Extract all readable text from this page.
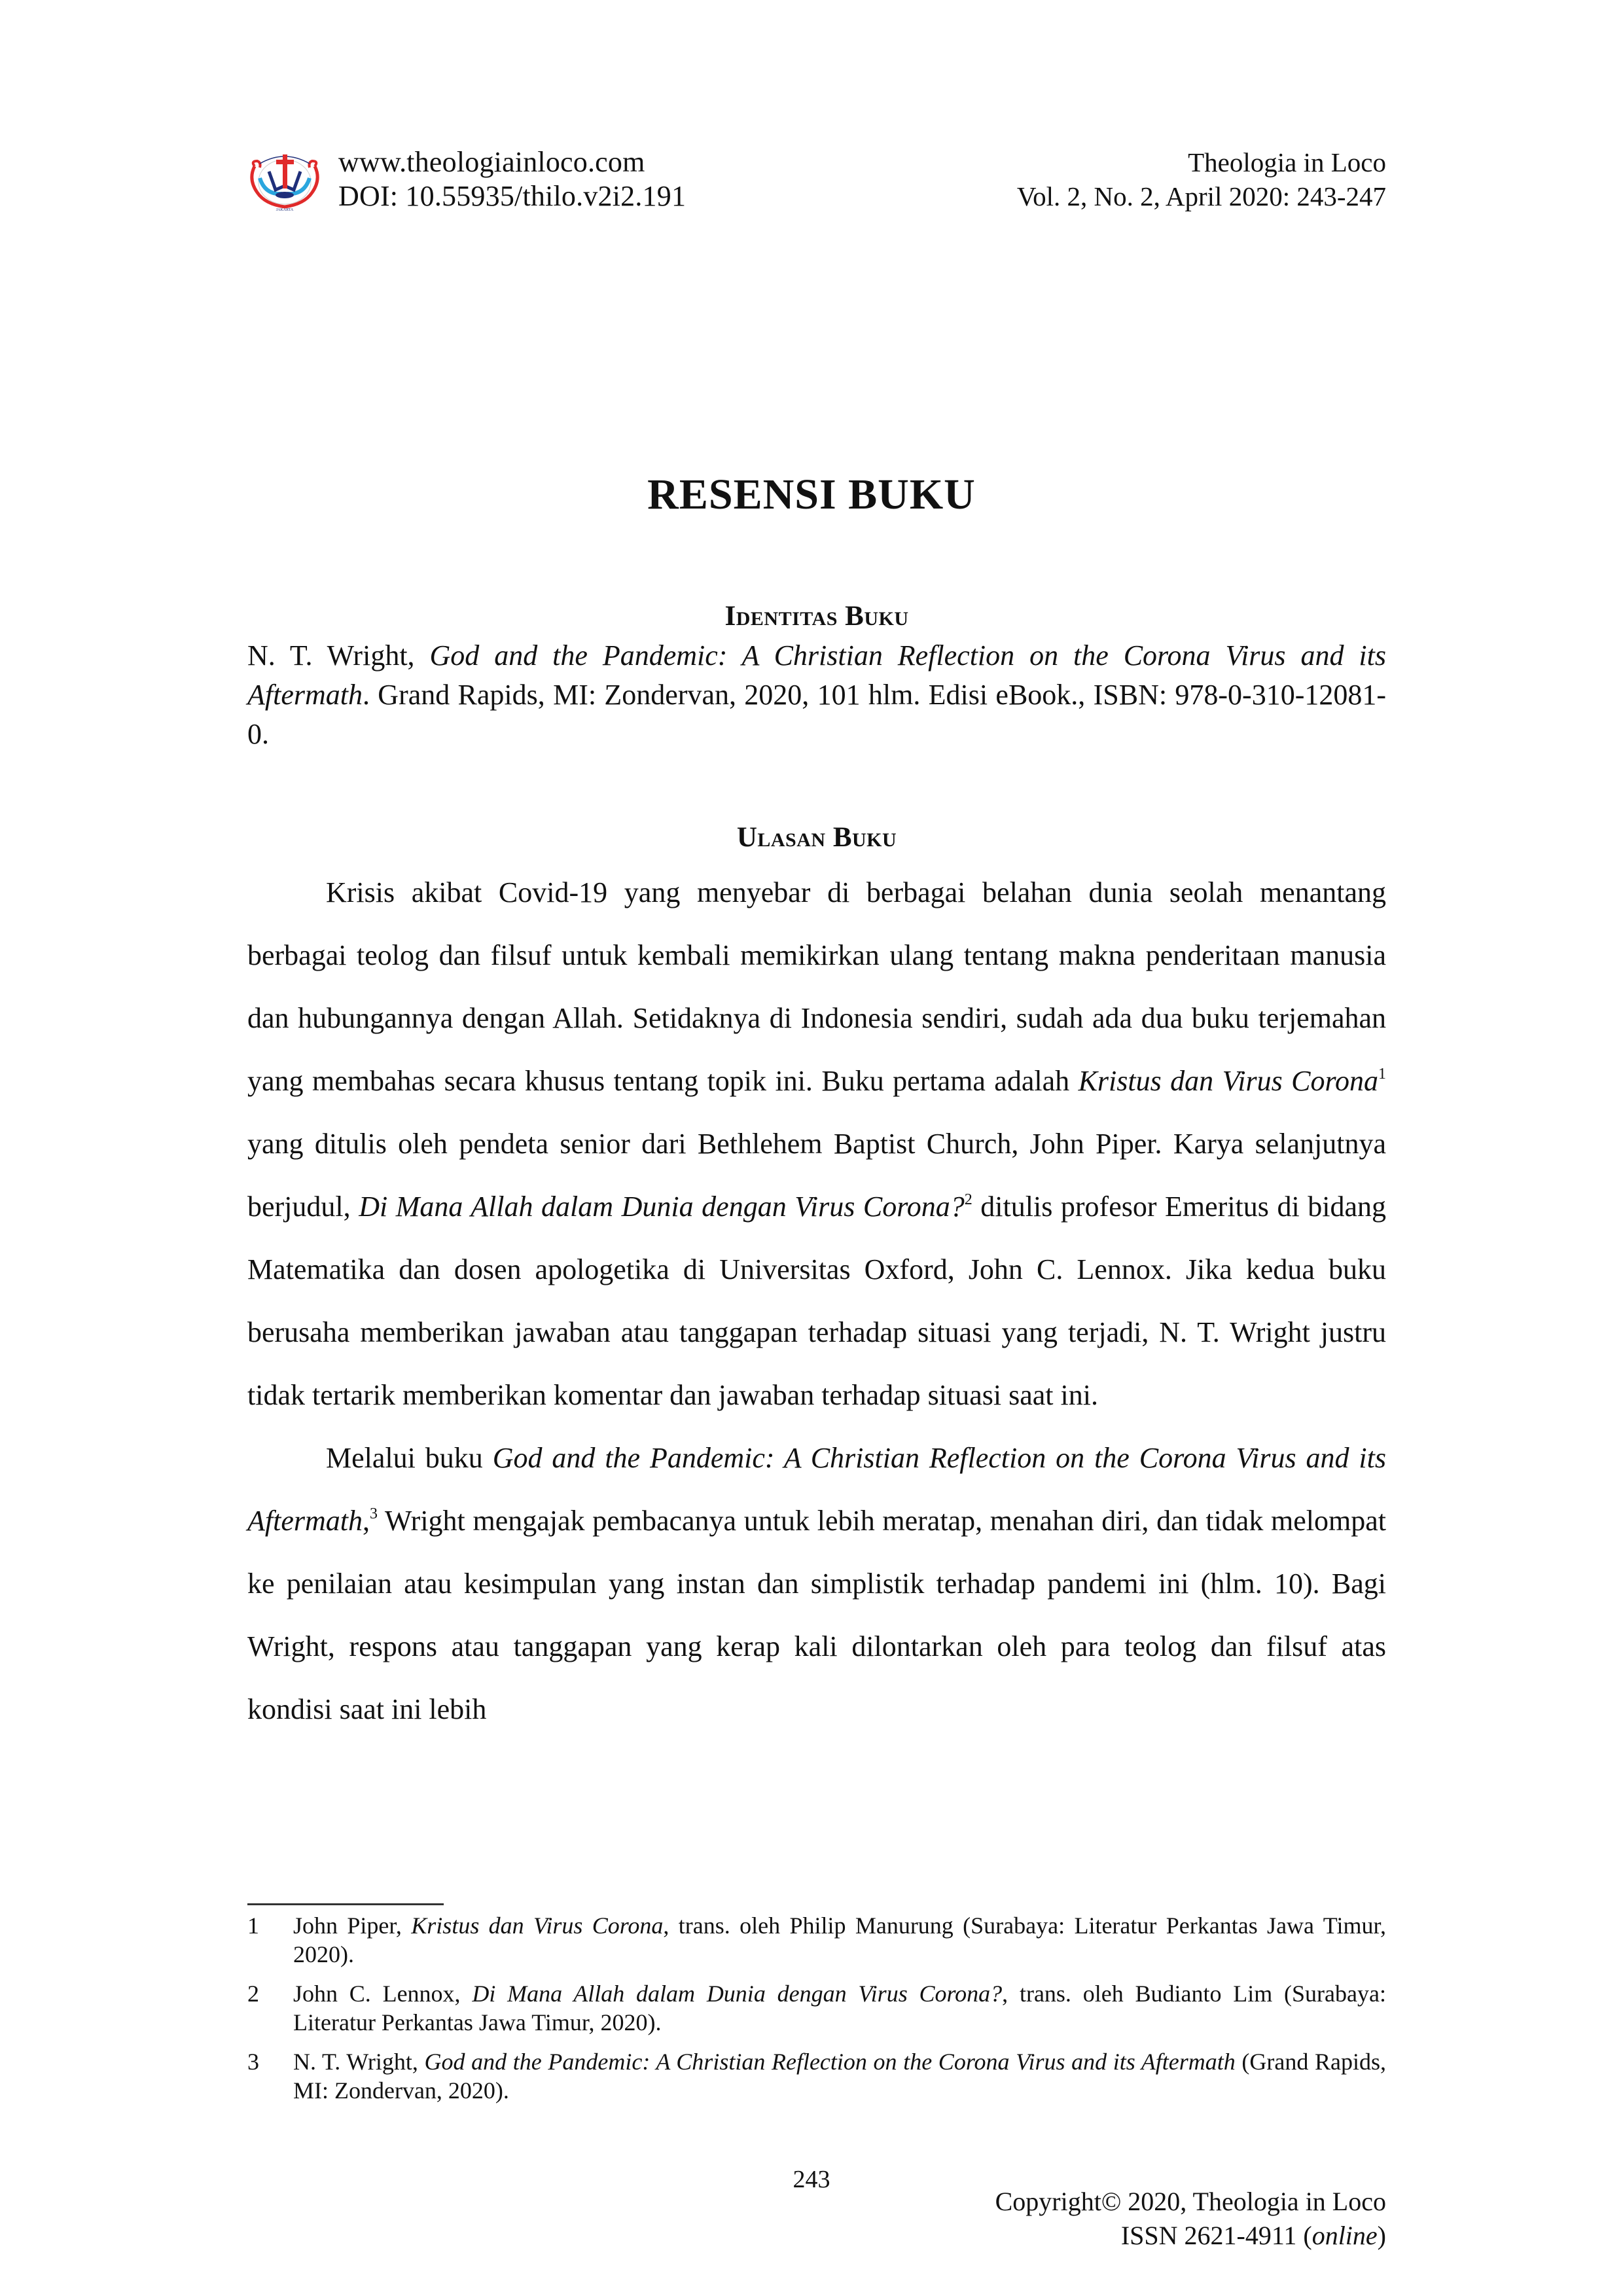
JAKARTA
www.theologiainloco.com
DOI: 10.55935/thilo.v2i2.191
Theologia in Loco
Vol. 2, No. 2, April 2020: 243-247
RESENSI BUKU
Identitas Buku
N. T. Wright, God and the Pandemic: A Christian Reflection on the Corona Virus and its Aftermath. Grand Rapids, MI: Zondervan, 2020, 101 hlm. Edisi eBook., ISBN: 978-0-310-12081-0.
Ulasan Buku

Krisis akibat Covid-19 yang menyebar di berbagai belahan dunia seolah menantang berbagai teolog dan filsuf untuk kembali memikirkan ulang tentang makna penderitaan manusia dan hubungannya dengan Allah. Setidaknya di Indonesia sendiri, sudah ada dua buku terjemahan yang membahas secara khusus tentang topik ini. Buku pertama adalah Kristus dan Virus Corona$^1$ yang ditulis oleh pendeta senior dari Bethlehem Baptist Church, John Piper. Karya selanjutnya berjudul, Di Mana Allah dalam Dunia dengan Virus Corona?$^2$ ditulis profesor Emeritus di bidang Matematika dan dosen apologetika di Universitas Oxford, John C. Lennox. Jika kedua buku berusaha memberikan jawaban atau tanggapan terhadap situasi yang terjadi, N. T. Wright justru tidak tertarik memberikan komentar dan jawaban terhadap situasi saat ini.

Melalui buku God and the Pandemic: A Christian Reflection on the Corona Virus and its Aftermath,$^3$ Wright mengajak pembacanya untuk lebih meratap, menahan diri, dan tidak melompat ke penilaian atau kesimpulan yang instan dan simplistik terhadap pandemi ini (hlm. 10). Bagi Wright, respons atau tanggapan yang kerap kali dilontarkan oleh para teolog dan filsuf atas kondisi saat ini lebih

1	John Piper, Kristus dan Virus Corona, trans. oleh Philip Manurung (Surabaya: Literatur Perkantas Jawa Timur, 2020).
2	John C. Lennox, Di Mana Allah dalam Dunia dengan Virus Corona?, trans. oleh Budianto Lim (Surabaya: Literatur Perkantas Jawa Timur, 2020).
3	N. T. Wright, God and the Pandemic: A Christian Reflection on the Corona Virus and its Aftermath (Grand Rapids, MI: Zondervan, 2020).
243
Copyright© 2020, Theologia in Loco
ISSN 2621-4911 (online)
